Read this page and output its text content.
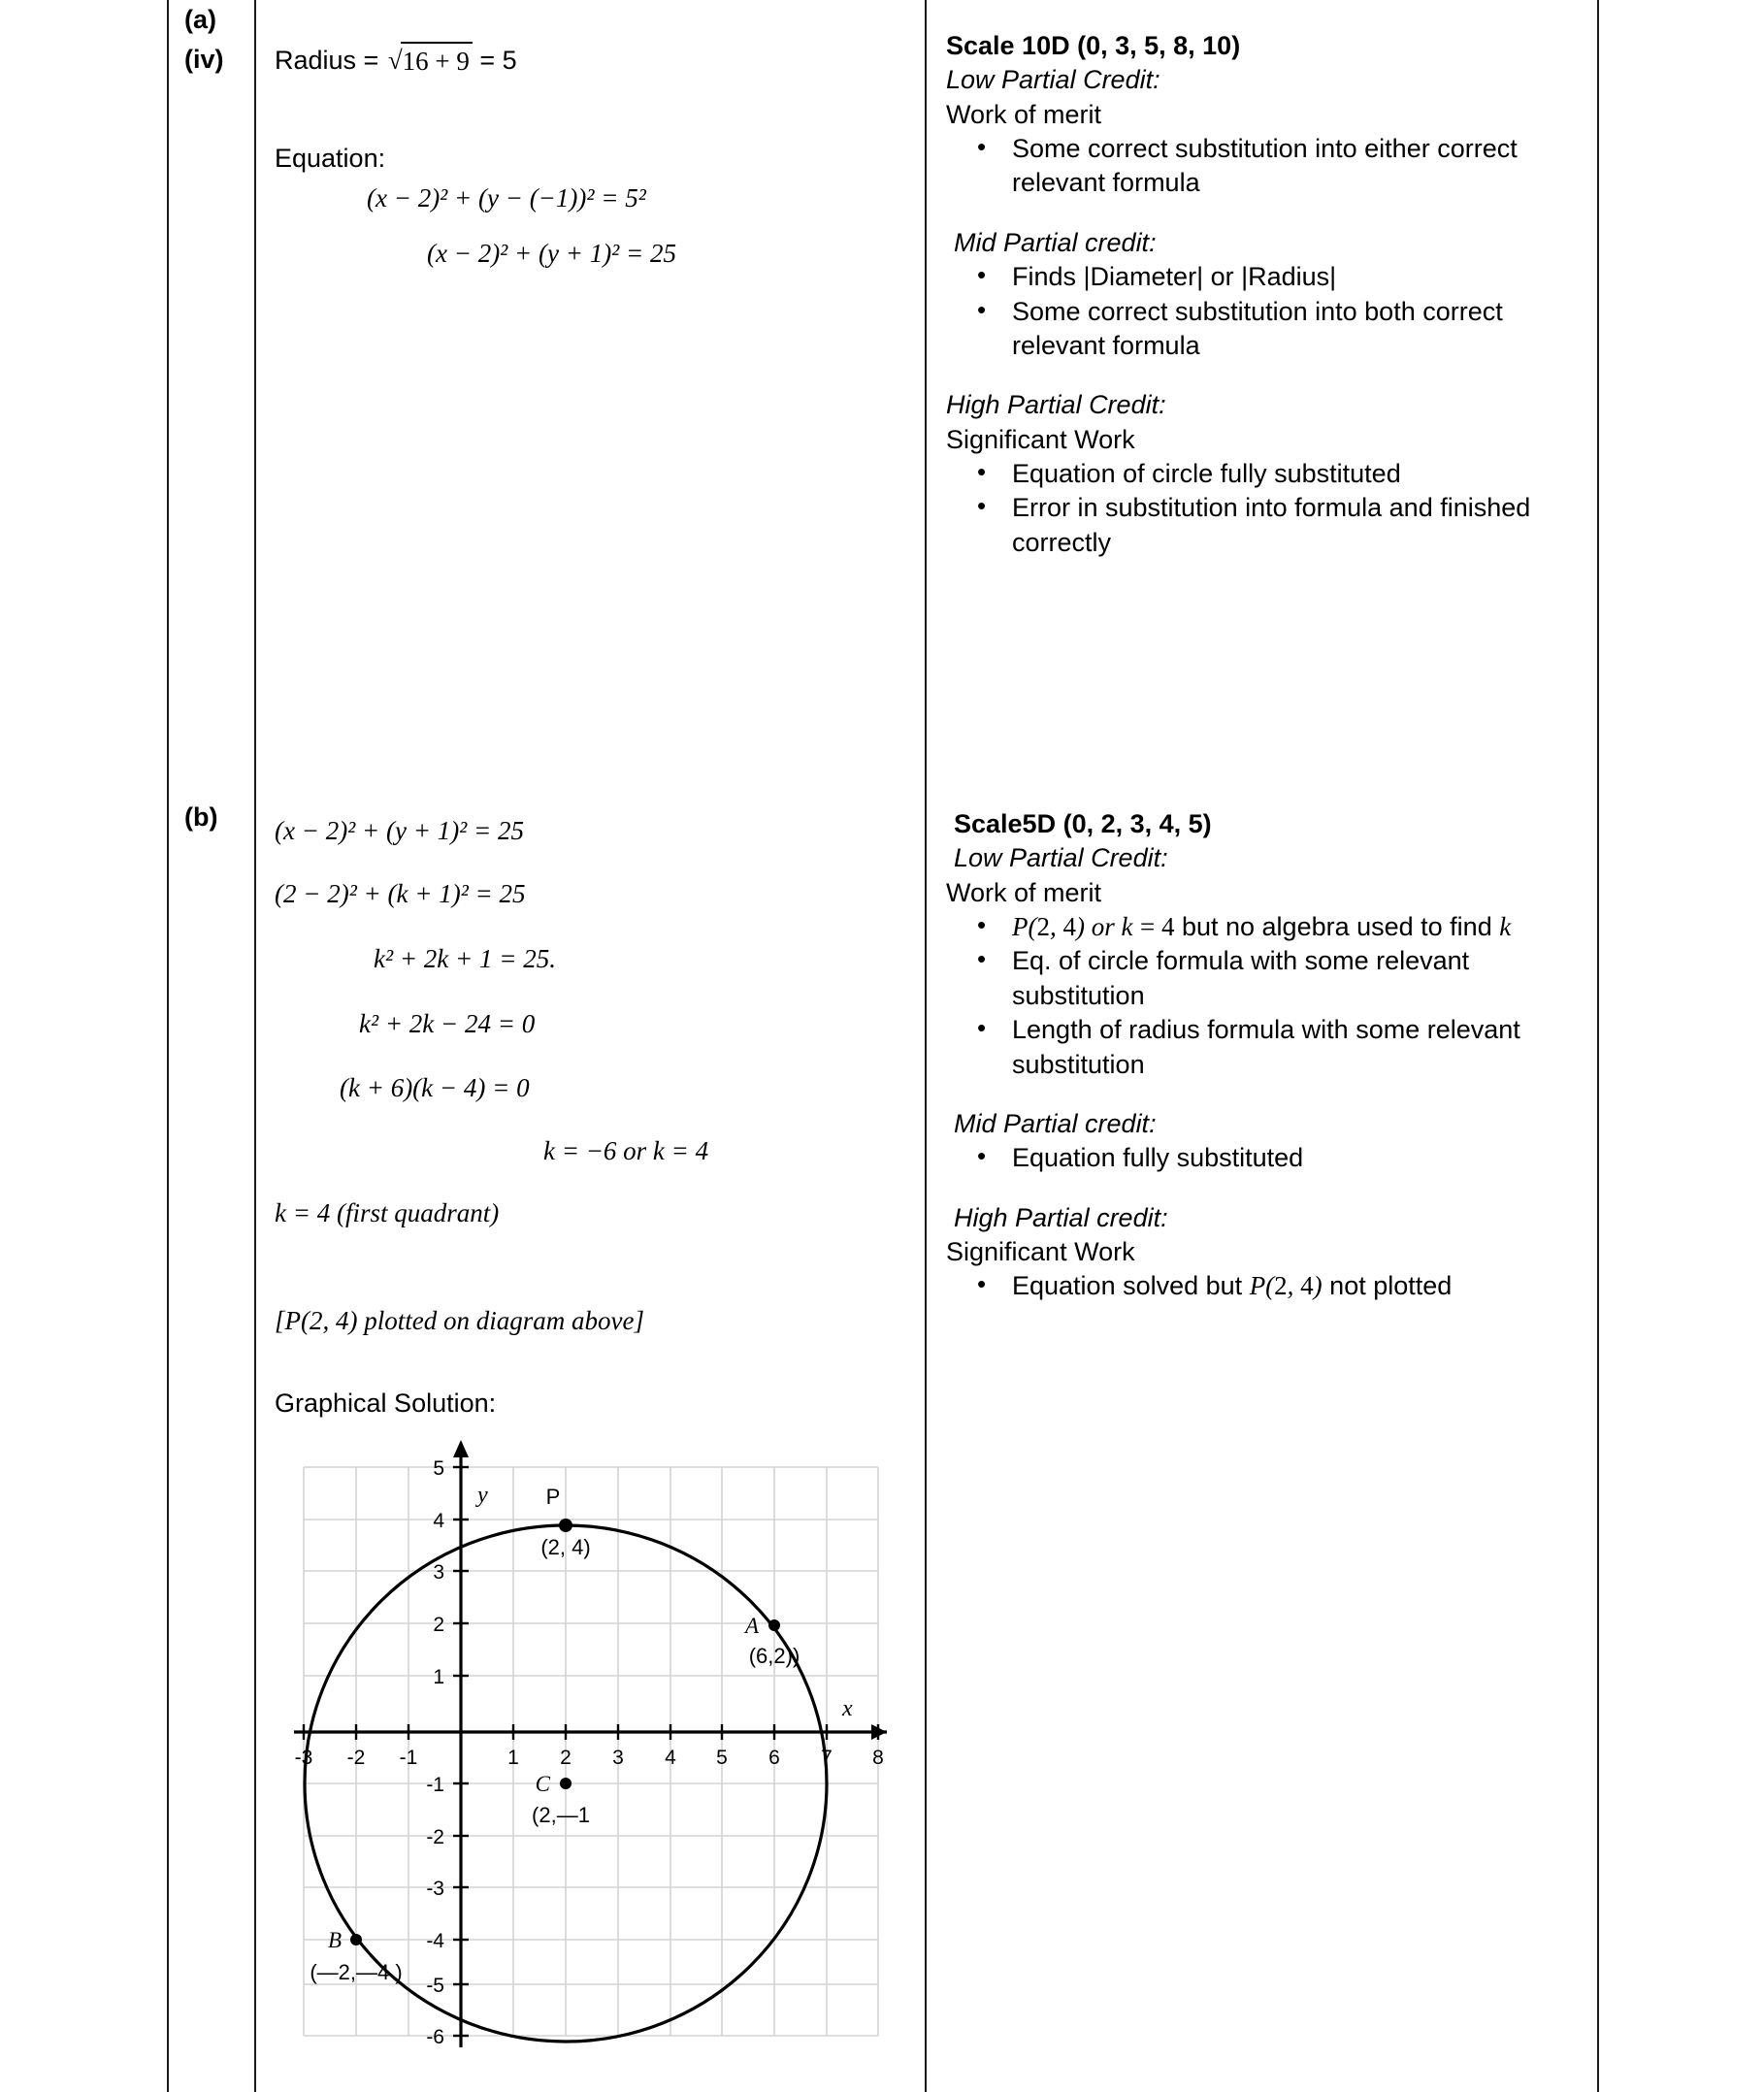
(a)
(iv)
(b)
Radius = √16 + 9 = 5
Equation:
(x − 2)² + (y − (−1))² = 5²
(x − 2)² + (y + 1)² = 25
(x − 2)² + (y + 1)² = 25
(2 − 2)² + (k + 1)² = 25
k² + 2k + 1 = 25.
k² + 2k − 24 = 0
(k + 6)(k − 4) = 0
k = −6 or k = 4
k = 4 (first quadrant)
[P(2, 4) plotted on diagram above]
Graphical Solution:
-3 -2 -1	1 2 3 4 5 6 7 8
5
4
3
2
1
-1
-2
-3
-4
-5
-6
y
x
P
(2, 4)
A
(6,2))
C
(2,—1
B
(—2,—4 )
Scale 10D (0, 3, 5, 8, 10)
Low Partial Credit:
Work of merit
• Some correct substitution into either correct relevant formula
Mid Partial credit:
• Finds |Diameter| or |Radius|
• Some correct substitution into both correct relevant formula
High Partial Credit:
Significant Work
• Equation of circle fully substituted
• Error in substitution into formula and finished correctly
Scale5D (0, 2, 3, 4, 5)
Low Partial Credit:
Work of merit
• P(2, 4) or k = 4 but no algebra used to find k
• Eq. of circle formula with some relevant substitution
• Length of radius formula with some relevant substitution
Mid Partial credit:
• Equation fully substituted
High Partial credit:
Significant Work
• Equation solved but P(2, 4) not plotted
